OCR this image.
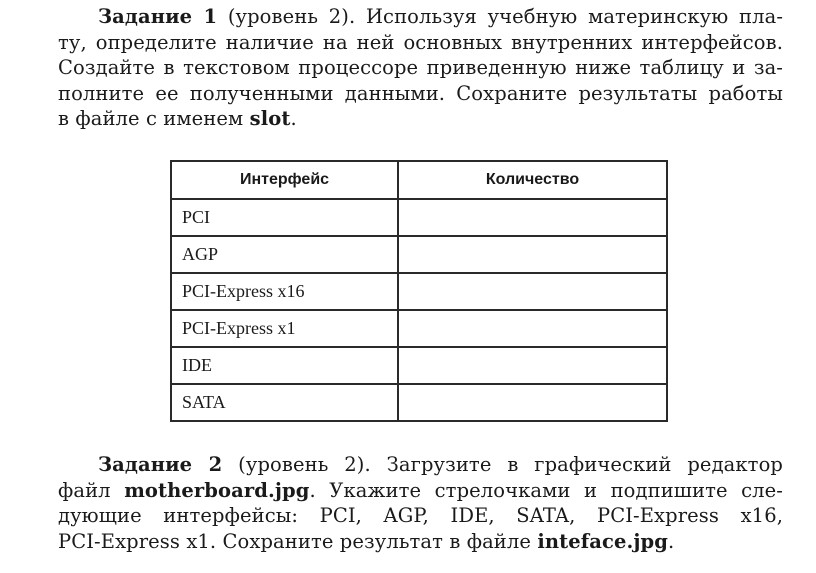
Задание 1 (уровень 2). Используя учебную материнскую пла-
ту, определите наличие на ней основных внутренних интерфейсов.
Создайте в текстовом процессоре приведенную ниже таблицу и за-
полните ее полученными данными. Сохраните результаты работы
в файле с именем slot.
Интерфейс	Количество
PCI	
AGP	
PCI-Express x16	
PCI-Express x1	
IDE	
SATA	
Задание 2 (уровень 2). Загрузите в графический редактор
файл motherboard.jpg. Укажите стрелочками и подпишите сле-
дующие интерфейсы: PCI, AGP, IDE, SATA, PCI-Express x16,
PCI-Express x1. Сохраните результат в файле inteface.jpg.
